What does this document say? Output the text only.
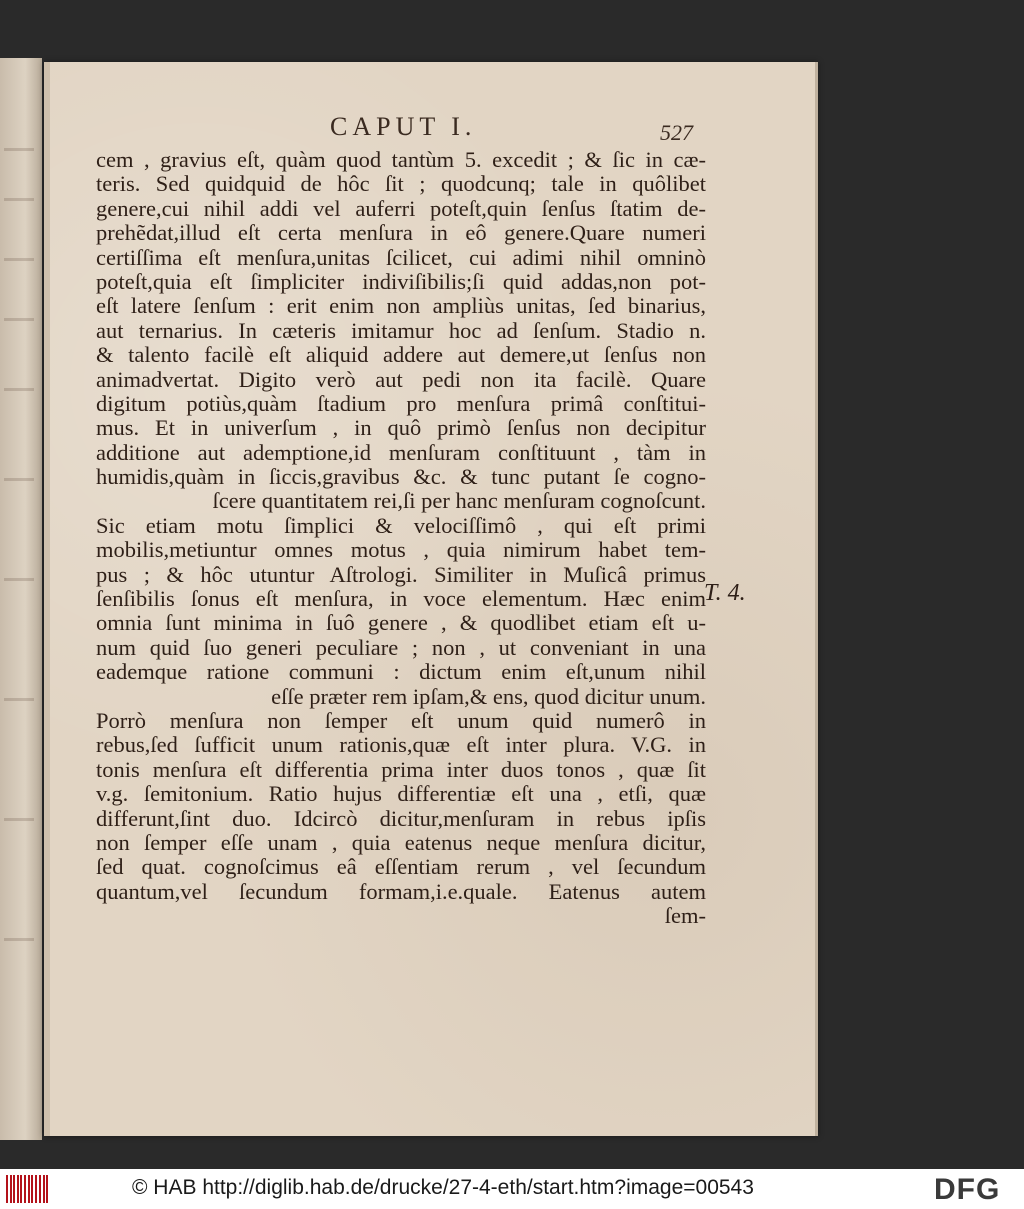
CAPUT I.	527
cem , gravius eſt, quàm quod tantùm 5. excedit ; & ſic in cæ-
teris. Sed quidquid de hôc ſit ; quodcunq; tale in quôlibet
genere,cui nihil addi vel auferri poteſt,quin ſenſus ſtatim de-
prehẽdat,illud eſt certa menſura in eô genere.Quare numeri
certiſſima eſt menſura,unitas ſcilicet, cui adimi nihil omninò
poteſt,quia eſt ſimpliciter indiviſibilis;ſi quid addas,non pot-
eſt latere ſenſum : erit enim non ampliùs unitas, ſed binarius,
aut ternarius. In cæteris imitamur hoc ad ſenſum. Stadio n.
& talento facilè eſt aliquid addere aut demere,ut ſenſus non
animadvertat. Digito verò aut pedi non ita facilè. Quare
digitum potiùs,quàm ſtadium pro menſura primâ conſtitui-
mus. Et in univerſum , in quô primò ſenſus non decipitur
additione aut ademptione,id menſuram conſtituunt , tàm in
humidis,quàm in ſiccis,gravibus &c. & tunc putant ſe cogno-
ſcere quantitatem rei,ſi per hanc menſuram cognoſcunt.
Sic etiam motu ſimplici & velociſſimô , qui eſt primi
mobilis,metiuntur omnes motus , quia nimirum habet tem-
pus ; & hôc utuntur Aſtrologi. Similiter in Muſicâ primus
ſenſibilis ſonus eſt menſura, in voce elementum. Hæc enim
omnia ſunt minima in ſuô genere , & quodlibet etiam eſt u-
num quid ſuo generi peculiare ; non , ut conveniant in una
eademque ratione communi : dictum enim eſt,unum nihil
eſſe præter rem ipſam,& ens, quod dicitur unum.
Porrò menſura non ſemper eſt unum quid numerô in
rebus,ſed ſufficit unum rationis,quæ eſt inter plura. V.G. in
tonis menſura eſt differentia prima inter duos tonos , quæ ſit
v.g. ſemitonium. Ratio hujus differentiæ eſt una , etſi, quæ
differunt,ſint duo. Idcircò dicitur,menſuram in rebus ipſis
non ſemper eſſe unam , quia eatenus neque menſura dicitur,
ſed quat. cognoſcimus eâ eſſentiam rerum , vel ſecundum
quantum,vel ſecundum formam,i.e.quale. Eatenus autem
ſem-
T. 4.
© HAB http://diglib.hab.de/drucke/27-4-eth/start.htm?image=00543	DFG
